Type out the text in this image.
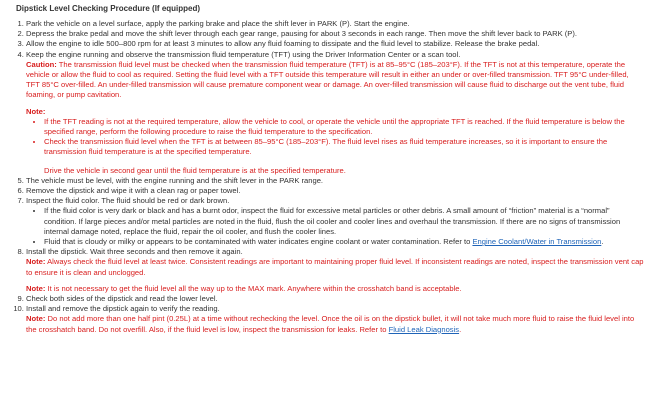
Dipstick Level Checking Procedure (If equipped)
1. Park the vehicle on a level surface, apply the parking brake and place the shift lever in PARK (P). Start the engine.
2. Depress the brake pedal and move the shift lever through each gear range, pausing for about 3 seconds in each range. Then move the shift lever back to PARK (P).
3. Allow the engine to idle 500–800 rpm for at least 3 minutes to allow any fluid foaming to dissipate and the fluid level to stabilize. Release the brake pedal.
4. Keep the engine running and observe the transmission fluid temperature (TFT) using the Driver Information Center or a scan tool.
Caution: The transmission fluid level must be checked when the transmission fluid temperature (TFT) is at 85–95°C (185–203°F). If the TFT is not at this temperature, operate the vehicle or allow the fluid to cool as required. Setting the fluid level with a TFT outside this temperature will result in either an under or over-filled transmission. TFT 95°C under-filled, TFT 85°C over-filled. An under-filled transmission will cause premature component wear or damage. An over-filled transmission will cause fluid to discharge out the vent tube, fluid foaming, or pump cavitation.
Note:
• If the TFT reading is not at the required temperature, allow the vehicle to cool, or operate the vehicle until the appropriate TFT is reached. If the fluid temperature is below the specified range, perform the following procedure to raise the fluid temperature to the specification.
• Check the transmission fluid level when the TFT is at between 85–95°C (185–203°F). The fluid level rises as fluid temperature increases, so it is important to ensure the transmission fluid temperature is at the specified temperature.
Drive the vehicle in second gear until the fluid temperature is at the specified temperature.
5. The vehicle must be level, with the engine running and the shift lever in the PARK range.
6. Remove the dipstick and wipe it with a clean rag or paper towel.
7. Inspect the fluid color. The fluid should be red or dark brown.
• If the fluid color is very dark or black and has a burnt odor, inspect the fluid for excessive metal particles or other debris. A small amount of “friction” material is a “normal” condition. If large pieces and/or metal particles are noted in the fluid, flush the oil cooler and cooler lines and overhaul the transmission. If there are no signs of transmission internal damage noted, replace the fluid, repair the oil cooler, and flush the cooler lines.
• Fluid that is cloudy or milky or appears to be contaminated with water indicates engine coolant or water contamination. Refer to Engine Coolant/Water in Transmission.
8. Install the dipstick. Wait three seconds and then remove it again.
Note: Always check the fluid level at least twice. Consistent readings are important to maintaining proper fluid level. If inconsistent readings are noted, inspect the transmission vent cap to ensure it is clean and unclogged.
Note: It is not necessary to get the fluid level all the way up to the MAX mark. Anywhere within the crosshatch band is acceptable.
9. Check both sides of the dipstick and read the lower level.
10. Install and remove the dipstick again to verify the reading.
Note: Do not add more than one half pint (0.25L) at a time without rechecking the level. Once the oil is on the dipstick bullet, it will not take much more fluid to raise the fluid level into the crosshatch band. Do not overfill. Also, if the fluid level is low, inspect the transmission for leaks. Refer to Fluid Leak Diagnosis.
